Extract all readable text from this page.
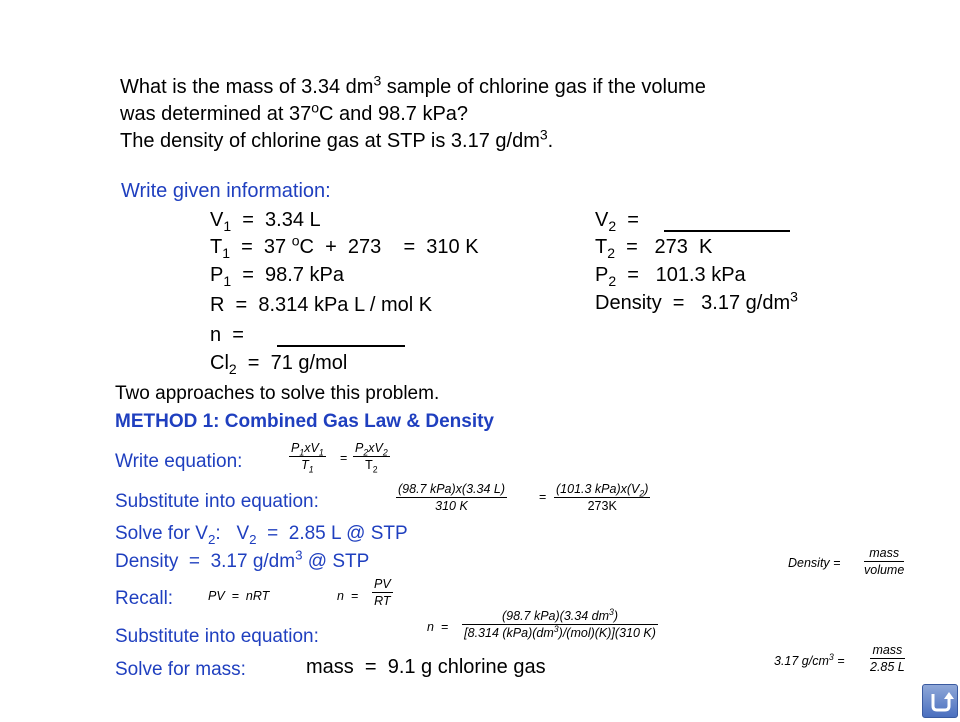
What is the mass of 3.34 $dm^3$ sample of chlorine gas if the volume
was determined at 37$^o$C and 98.7 kPa?
The density of chlorine gas at STP is 3.17 $g/dm^3$.
Write given information:
$V_1 = 3.34$ L
$T_1 = 37$ $^o$C  +  273    =  310 K
$P_1 = 98.7$ kPa
R  =  8.314 kPa L / mol K
n  =
$Cl_2 = 71$ g/mol
$V_2$  =
$T_2 = 273$  K
$P_2 = 101.3$ kPa
Density  =   3.17 $g/dm^3$
Two approaches to solve this problem.
METHOD 1: Combined Gas Law & Density
Write equation:	$\frac{P_1xV_1}{T_1} = \frac{P_2xV_2}{T_2}$
Substitute into equation:
(98.7 kPa)x(3.34 L)
310 K
=
(101.3 $kPa)x(V_2)$
273K
Solve for $V_2$:   $V_2 = 2.85$ L @ STP
Density  =  3.17 $g/dm^3$ @ STP	Density =
mass
volume
Recall:	PV  =  nRT	$n = \frac{PV}{RT}$
Substitute into equation:	n  =
(98.7 kPa)(3.34 $dm^3$)
[8.314 $(kPa)(dm^3)/(mol)(K)](310$ K)
3.17 $g/cm^3$ =
mass
2.85 L
Solve for mass:	mass  =  9.1 g chlorine gas
